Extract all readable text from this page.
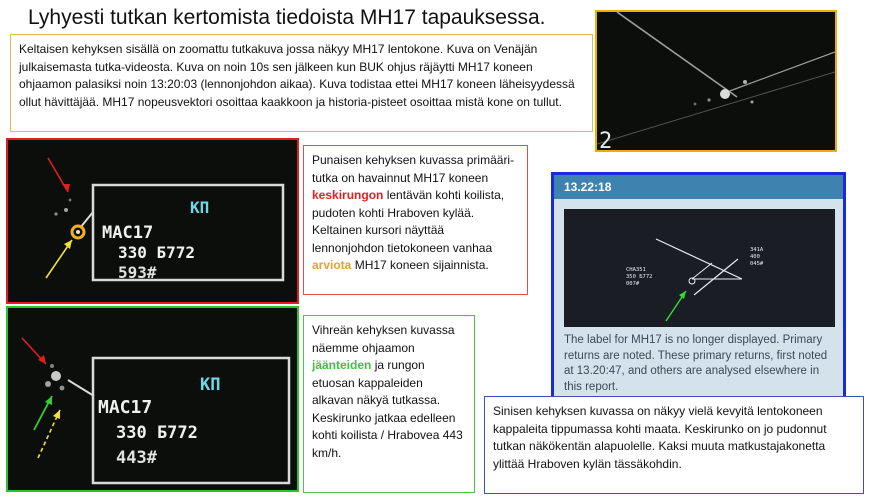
Lyhyesti tutkan kertomista tiedoista MH17 tapauksessa.
Keltaisen kehyksen sisällä on zoomattu tutkakuva jossa näkyy MH17 lentokone. Kuva on Venäjän julkaisemasta tutka-videosta. Kuva on noin 10s sen jälkeen kun BUK ohjus räjäytti MH17 koneen ohjaamon palasiksi noin 13:20:03 (lennonjohdon aikaa). Kuva todistaa ettei MH17 koneen läheisyydessä ollut hävittäjää. MH17 nopeusvektori osoittaa kaakkoon ja historia-pisteet osoittaa mistä kone on tullut.
2
КП
MAC17
330 Б772
593#
КП
MAC17
330 Б772
443#
Punaisen kehyksen kuvassa primääri-tutka on havainnut MH17 koneen keskirungon lentävän kohti koilista, pudoten kohti Hraboven kylää. Keltainen kursori näyttää lennonjohdon tietokoneen vanhaa arviota MH17 koneen sijainnista.
Vihreän kehyksen kuvassa näemme ohjaamon jäänteiden ja rungon etuosan kappaleiden alkavan näkyä tutkassa. Keskirunko jatkaa edelleen kohti koilista / Hrabovea 443 km/h.
13.22:18
CHA351
350 Б772
007#
341A
400
045#
The label for MH17 is no longer displayed. Primary returns are noted. These primary returns, first noted at 13.20:47, and others are analysed elsewhere in this report.
Sinisen kehyksen kuvassa on näkyy vielä kevyitä lentokoneen kappaleita tippumassa kohti maata. Keskirunko on jo pudonnut tutkan näkökentän alapuolelle. Kaksi muuta matkustajakonetta ylittää Hraboven kylän tässäkohdin.
